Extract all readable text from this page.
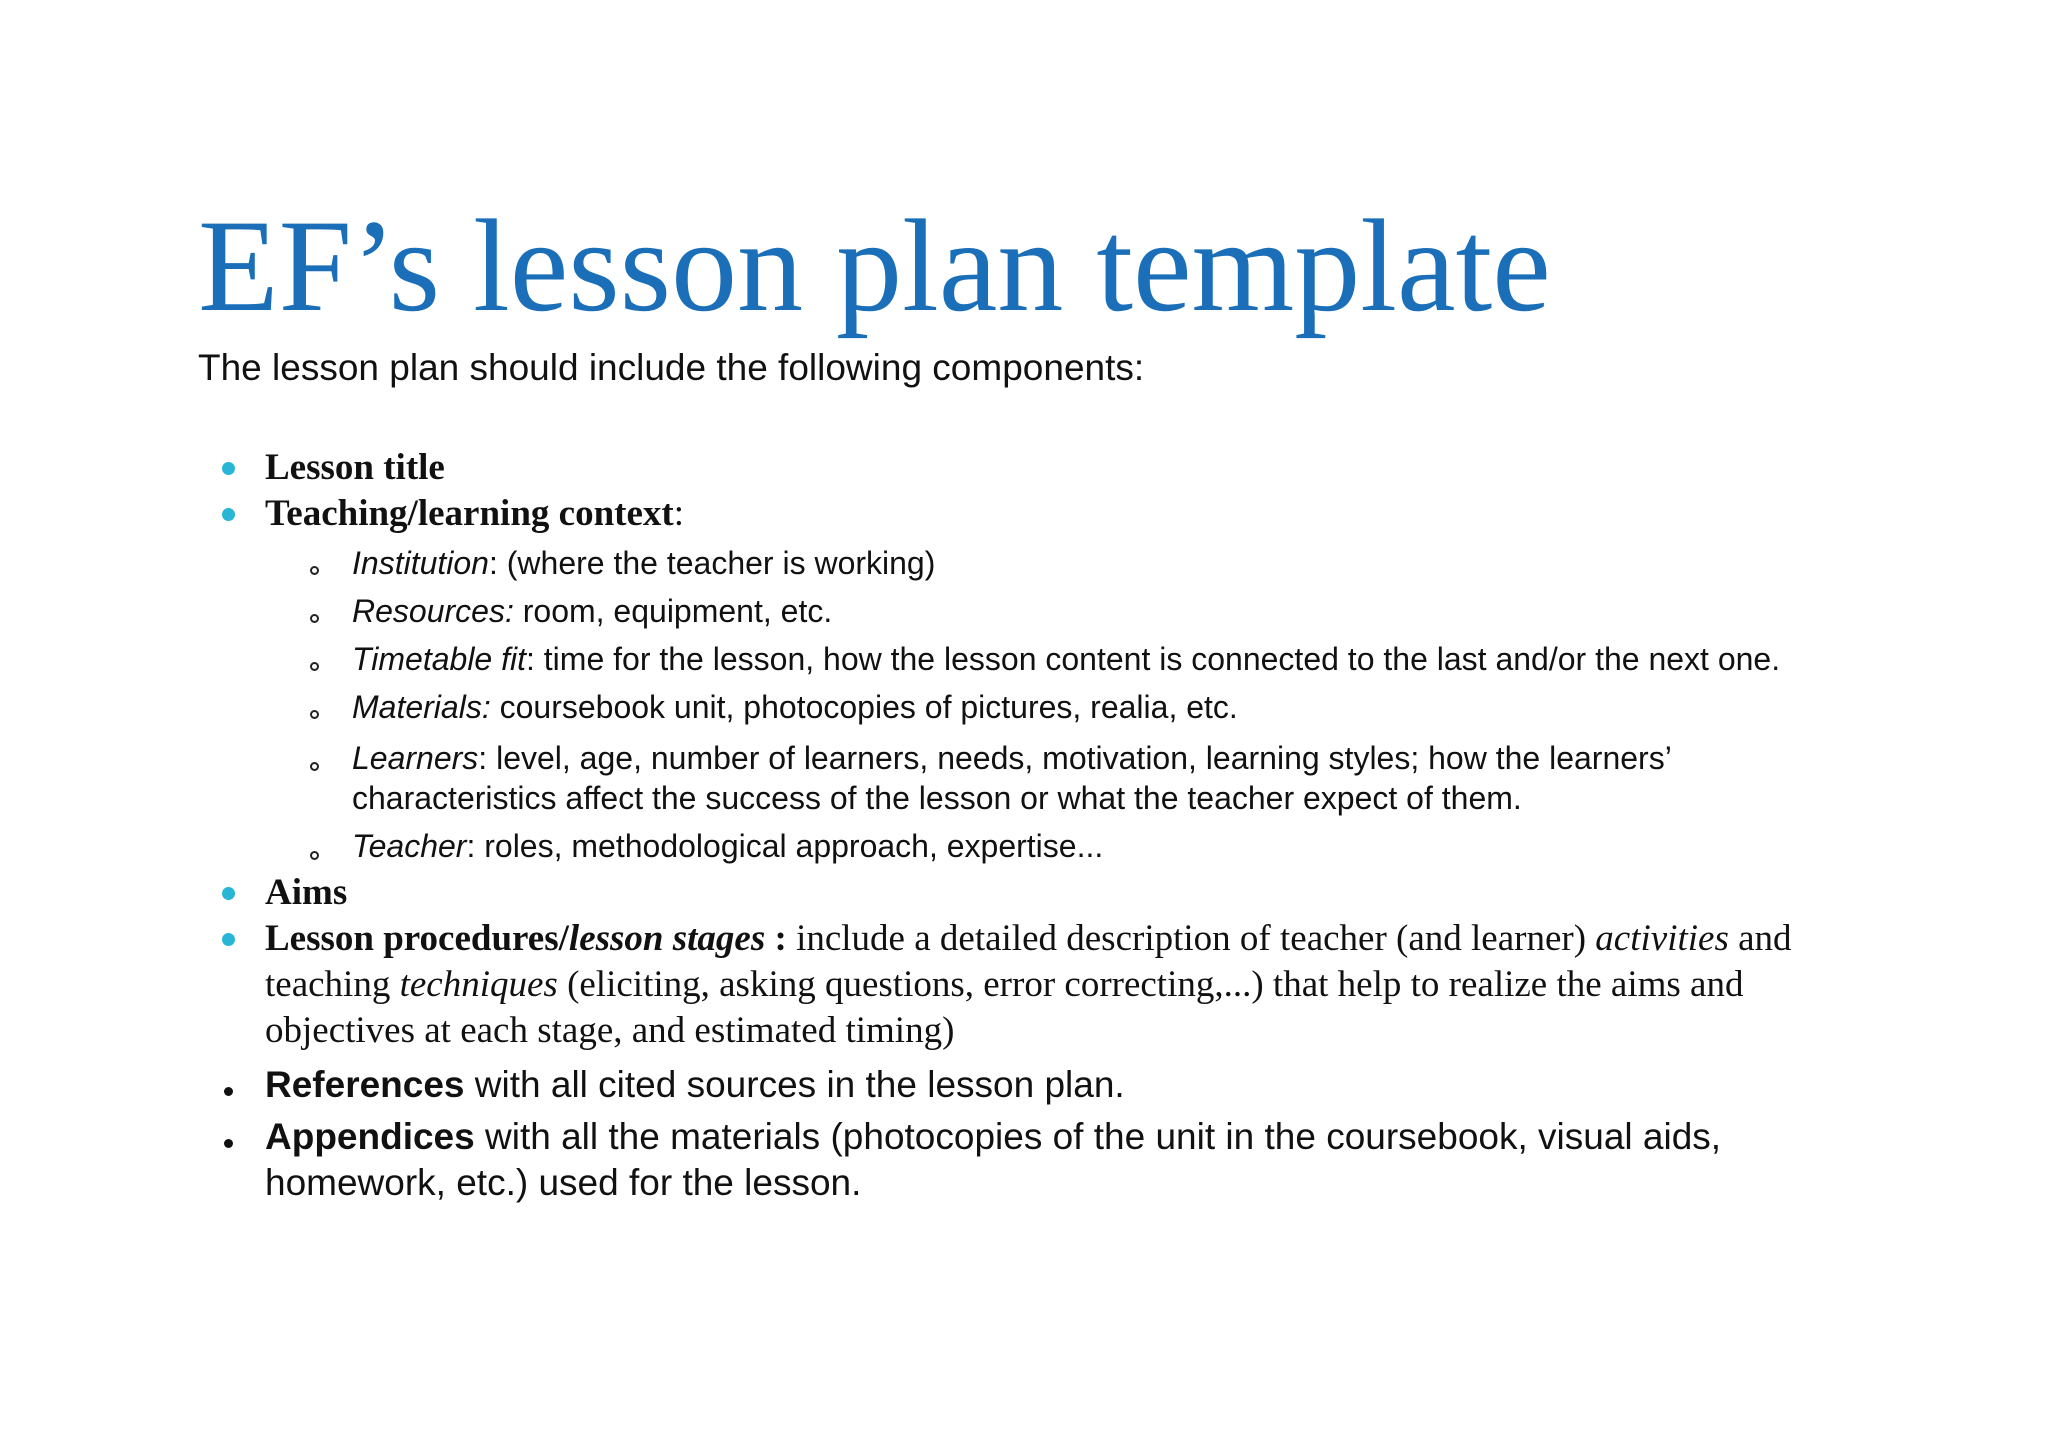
EF’s lesson plan template
The lesson plan should include the following components:
Lesson title
Teaching/learning context:
Institution: (where the teacher is working)
Resources: room, equipment, etc.
Timetable fit: time for the lesson, how the lesson content is connected to the last and/or the next one.
Materials: coursebook unit, photocopies of pictures, realia, etc.
Learners: level, age, number of learners, needs, motivation, learning styles; how the learners’
characteristics affect the success of the lesson or what the teacher expect of them.
Teacher: roles, methodological approach, expertise...
Aims
Lesson procedures/lesson stages : include a detailed description of teacher (and learner) activities and
teaching techniques (eliciting, asking questions, error correcting,...) that help to realize the aims and
objectives at each stage, and estimated timing)
References with all cited sources in the lesson plan.
Appendices with all the materials (photocopies of the unit in the coursebook, visual aids,
homework, etc.) used for the lesson.
